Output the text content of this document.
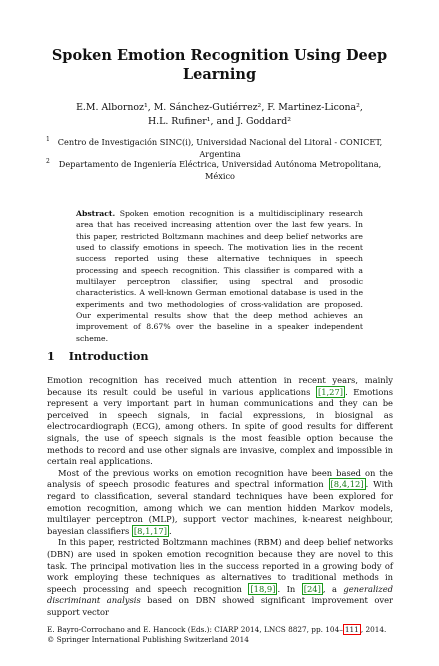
Spoken Emotion Recognition Using Deep
Learning
E.M. Albornoz¹, M. Sánchez-Gutiérrez², F. Martinez-Licona²,
H.L. Rufiner¹, and J. Goddard²
1 Centro de Investigación SINC(i), Universidad Nacional del Litoral - CONICET,
Argentina
2	Departamento de Ingeniería Eléctrica, Universidad Autónoma Metropolitana,
México
Abstract. Spoken emotion recognition is a multidisciplinary research area that has received increasing attention over the last few years. In this paper, restricted Boltzmann machines and deep belief networks are used to classify emotions in speech. The motivation lies in the recent success reported using these alternative techniques in speech processing and speech recognition. This classifier is compared with a multilayer perceptron classifier, using spectral and prosodic characteristics. A well-known German emotional database is used in the experiments and two methodologies of cross-validation are proposed. Our experimental results show that the deep method achieves an improvement of 8.67% over the baseline in a speaker independent scheme.
1 Introduction

Emotion recognition has received much attention in recent years, mainly because its result could be useful in various applications [1,27] . Emotions represent a very important part in human communications and they can be perceived in speech signals, in facial expressions, in biosignal as electrocardiograph (ECG), among others. In spite of good results for different signals, the use of speech signals is the most feasible option because the methods to record and use other signals are invasive, complex and impossible in certain real applications.

Most of the previous works on emotion recognition have been based on the analysis of speech prosodic features and spectral information [8,4,12] . With regard to classification, several standard techniques have been explored for emotion recognition, among which we can mention hidden Markov models, multilayer perceptron (MLP), support vector machines, k-nearest neighbour, bayesian classifiers [8,1,17] .

In this paper, restricted Boltzmann machines (RBM) and deep belief networks (DBN) are used in spoken emotion recognition because they are novel to this task. The principal motivation lies in the success reported in a growing body of work employing these techniques as alternatives to traditional methods in speech processing and speech recognition [18,9] . In [24] , a generalized discriminant analysis based on DBN showed significant improvement over support vector

E. Bayro-Corrochano and E. Hancock (Eds.): CIARP 2014, LNCS 8827, pp. 104– 111 , 2014.
© Springer International Publishing Switzerland 2014
